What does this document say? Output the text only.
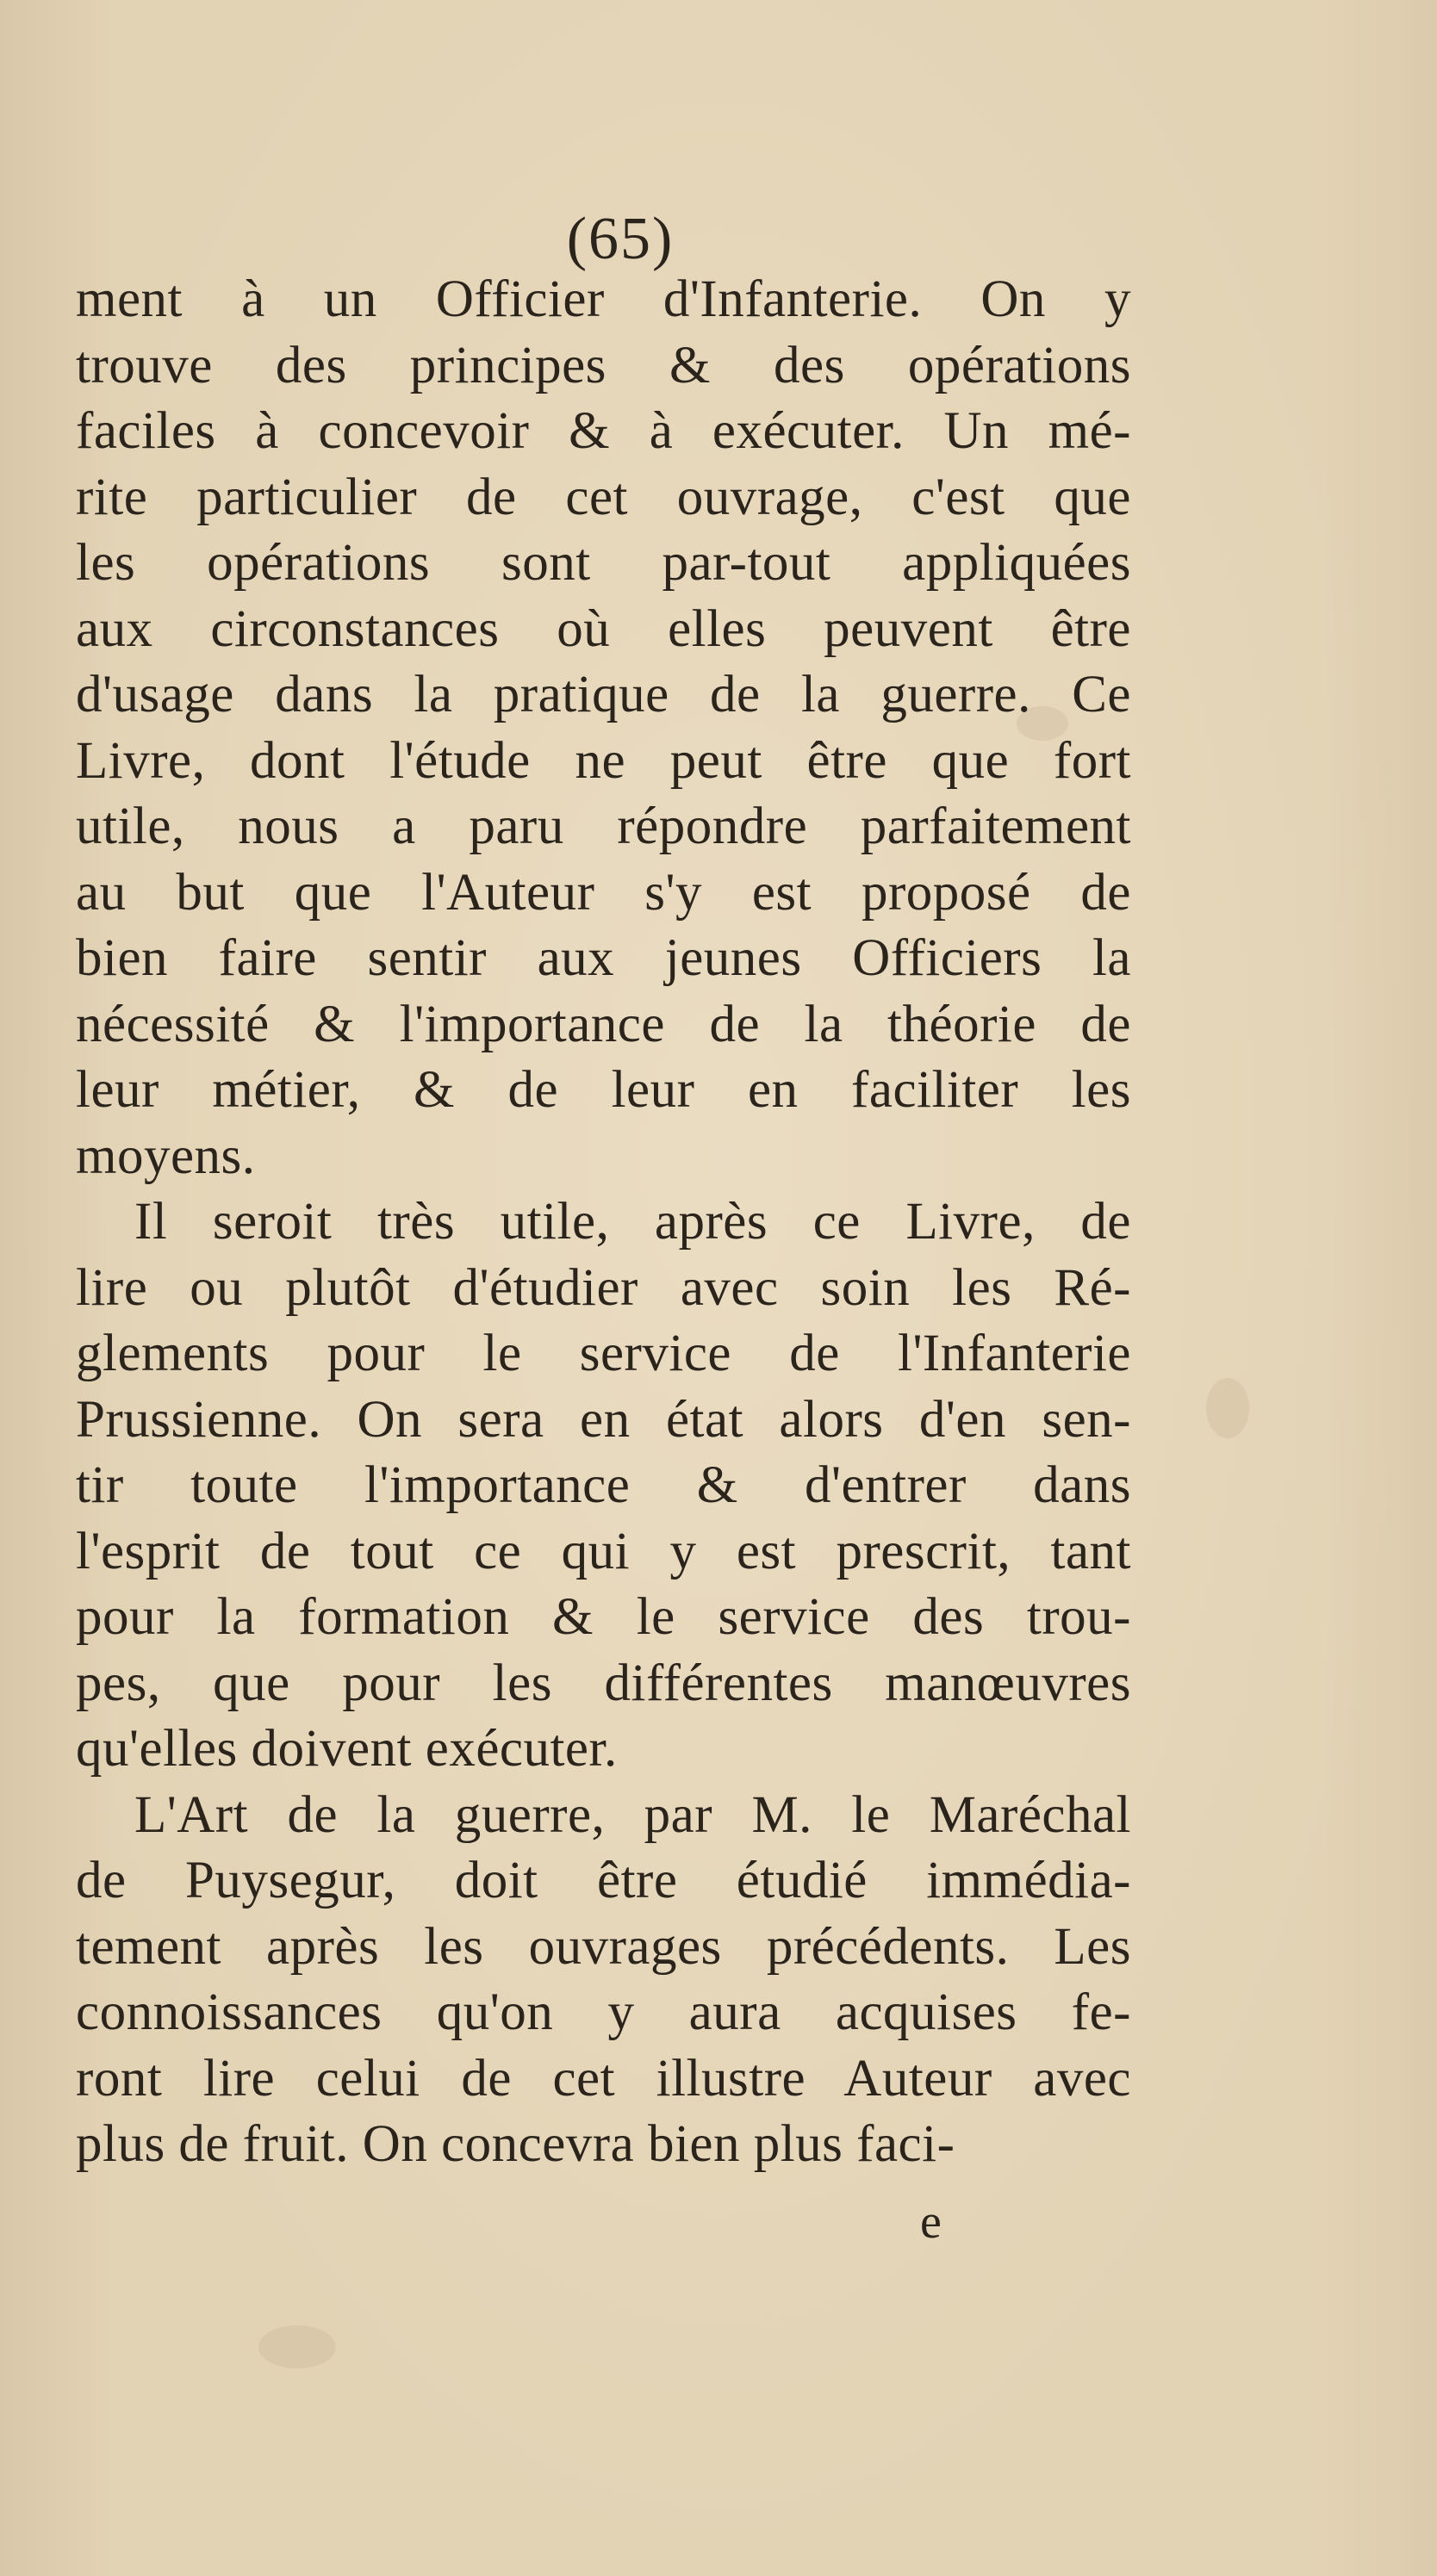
(65)
ment à un Officier d'Infanterie. On y
trouve des principes & des opérations
faciles à concevoir & à exécuter. Un mé-
rite particulier de cet ouvrage, c'est que
les opérations sont par-tout appliquées
aux circonstances où elles peuvent être
d'usage dans la pratique de la guerre. Ce
Livre, dont l'étude ne peut être que fort
utile, nous a paru répondre parfaitement
au but que l'Auteur s'y est proposé de
bien faire sentir aux jeunes Officiers la
nécessité & l'importance de la théorie de
leur métier, & de leur en faciliter les
moyens.
Il seroit très utile, après ce Livre, de
lire ou plutôt d'étudier avec soin les Ré-
glements pour le service de l'Infanterie
Prussienne. On sera en état alors d'en sen-
tir toute l'importance & d'entrer dans
l'esprit de tout ce qui y est prescrit, tant
pour la formation & le service des trou-
pes, que pour les différentes manœuvres
qu'elles doivent exécuter.
L'Art de la guerre, par M. le Maréchal
de Puysegur, doit être étudié immédia-
tement après les ouvrages précédents. Les
connoissances qu'on y aura acquises fe-
ront lire celui de cet illustre Auteur avec
plus de fruit. On concevra bien plus faci-
e
